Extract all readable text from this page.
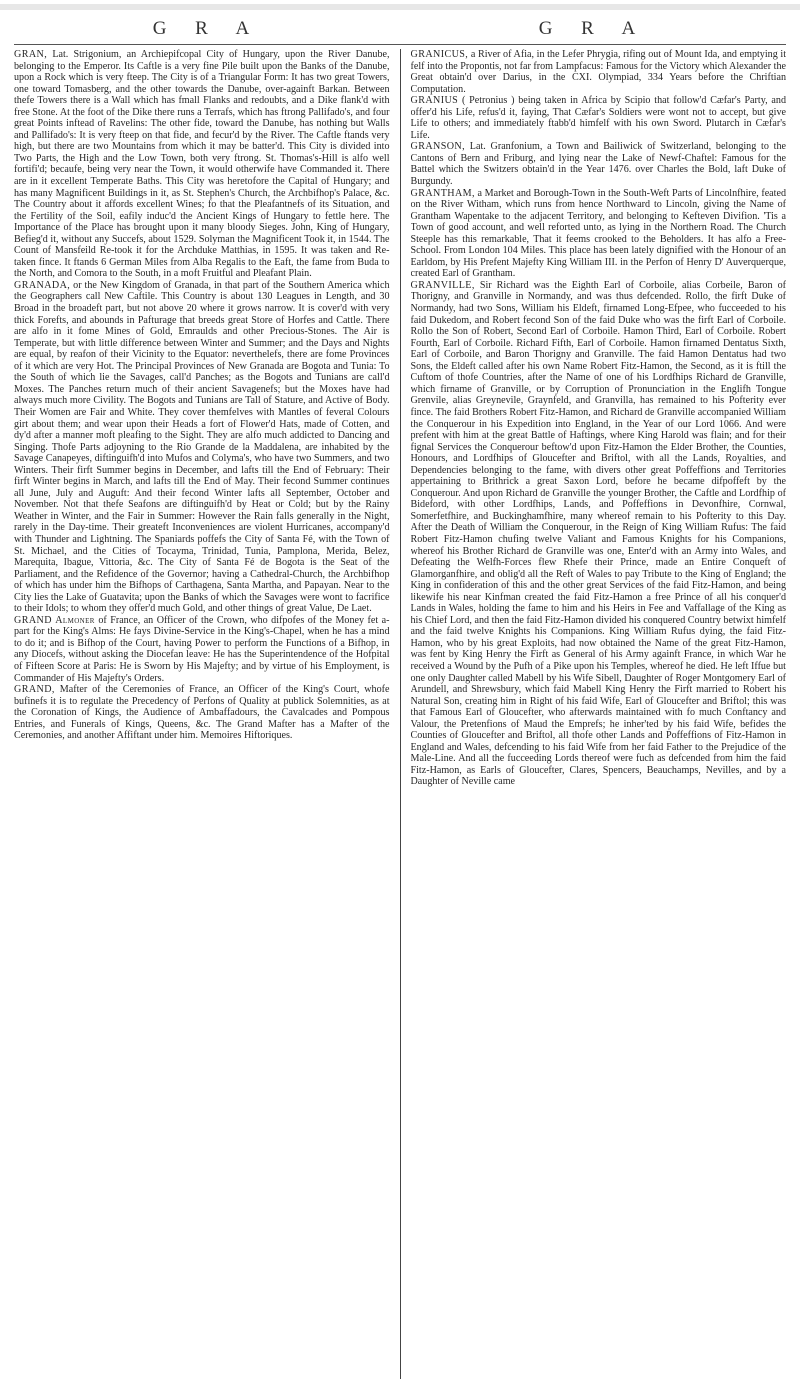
G R A	G R A

GRAN, Lat. Strigonium, an Archiepifcopal City of Hungary, upon the River Danube, belonging to the Emperor. Its Caftle is a very fine Pile built upon the Banks of the Danube, upon a Rock which is very fteep. The City is of a Triangular Form: It has two great Towers, one toward Tomasberg, and the other towards the Danube, over-againft Barkan. Between thefe Towers there is a Wall which has fmall Flanks and redoubts, and a Dike flank'd with free Stone. At the foot of the Dike there runs a Terrafs, which has ftrong Pallifado's, and four great Points inftead of Ravelins: The other fide, toward the Danube, has nothing but Walls and Pallifado's: It is very fteep on that fide, and fecur'd by the River. The Caftle ftands very high, but there are two Mountains from which it may be batter'd. This City is divided into Two Parts, the High and the Low Town, both very ftrong. St. Thomas's-Hill is alfo well fortifi'd; becaufe, being very near the Town, it would otherwife have Commanded it. There are in it excellent Temperate Baths. This City was heretofore the Capital of Hungary; and has many Magnificent Buildings in it, as St. Stephen's Church, the Archbifhop's Palace, &c. The Country about it affords excellent Wines; fo that the Pleafantnefs of its Situation, and the Fertility of the Soil, eafily induc'd the Ancient Kings of Hungary to fettle here. The Importance of the Place has brought upon it many bloody Sieges. John, King of Hungary, Befieg'd it, without any Succefs, about 1529. Solyman the Magnificent Took it, in 1544. The Count of Mansfeild Re-took it for the Archduke Matthias, in 1595. It was taken and Re-taken fince. It ftands 6 German Miles from Alba Regalis to the Eaft, the fame from Buda to the North, and Comora to the South, in a moft Fruitful and Pleafant Plain.

GRANADA, or the New Kingdom of Granada, in that part of the Southern America which the Geographers call New Caftile. This Country is about 130 Leagues in Length, and 30 Broad in the broadeft part, but not above 20 where it grows narrow. It is cover'd with very thick Forefts, and abounds in Pafturage that breeds great Store of Horfes and Cattle. There are alfo in it fome Mines of Gold, Emraulds and other Precious-Stones. The Air is Temperate, but with little difference between Winter and Summer; and the Days and Nights are equal, by reafon of their Vicinity to the Equator: neverthelefs, there are fome Provinces of it which are very Hot. The Principal Provinces of New Granada are Bogota and Tunia: To the South of which lie the Savages, call'd Panches; as the Bogots and Tunians are call'd Moxes. The Panches return much of their ancient Savagenefs; but the Moxes have had always much more Civility. The Bogots and Tunians are Tall of Stature, and Active of Body. Their Women are Fair and White. They cover themfelves with Mantles of feveral Colours girt about them; and wear upon their Heads a fort of Flower'd Hats, made of Cotten, and dy'd after a manner moft pleafing to the Sight. They are alfo much addicted to Dancing and Singing. Thofe Parts adjoyning to the Rio Grande de la Maddalena, are inhabited by the Savage Canapeyes, diftinguifh'd into Mufos and Colyma's, who have two Summers, and two Winters. Their firft Summer begins in December, and lafts till the End of February: Their firft Winter begins in March, and lafts till the End of May. Their fecond Summer continues all June, July and Auguft: And their fecond Winter lafts all September, October and November. Not that thefe Seafons are diftinguifh'd by Heat or Cold; but by the Rainy Weather in Winter, and the Fair in Summer: However the Rain falls generally in the Night, rarely in the Day-time. Their greateft Inconveniences are violent Hurricanes, accompany'd with Thunder and Lightning. The Spaniards poffefs the City of Santa Fé, with the Town of St. Michael, and the Cities of Tocayma, Trinidad, Tunia, Pamplona, Merida, Belez, Marequita, Ibague, Vittoria, &c. The City of Santa Fé de Bogota is the Seat of the Parliament, and the Refidence of the Governor; having a Cathedral-Church, the Archbifhop of which has under him the Bifhops of Carthagena, Santa Martha, and Papayan. Near to the City lies the Lake of Guatavita; upon the Banks of which the Savages were wont to facrifice to their Idols; to whom they offer'd much Gold, and other things of great Value, De Laet.

GRAND Almoner of France, an Officer of the Crown, who difpofes of the Money fet a-part for the King's Alms: He fays Divine-Service in the King's-Chapel, when he has a mind to do it; and is Bifhop of the Court, having Power to perform the Functions of a Bifhop, in any Diocefs, without asking the Diocefan leave: He has the Superintendence of the Hofpital of Fifteen Score at Paris: He is Sworn by His Majefty; and by virtue of his Employment, is Commander of His Majefty's Orders.

GRAND, Mafter of the Ceremonies of France, an Officer of the King's Court, whofe bufinefs it is to regulate the Precedency of Perfons of Quality at publick Solemnities, as at the Coronation of Kings, the Audience of Ambaffadours, the Cavalcades and Pompous Entries, and Funerals of Kings, Queens, &c. The Grand Mafter has a Mafter of the Ceremonies, and another Affiftant under him. Memoires Hiftoriques.

GRANICUS, a River of Afia, in the Lefer Phrygia, rifing out of Mount Ida, and emptying it felf into the Propontis, not far from Lampfacus: Famous for the Victory which Alexander the Great obtain'd over Darius, in the CXI. Olympiad, 334 Years before the Chriftian Computation.

GRANIUS ( Petronius ) being taken in Africa by Scipio that follow'd Cæfar's Party, and offer'd his Life, refus'd it, faying, That Cæfar's Soldiers were wont not to accept, but give Life to others; and immediately ftabb'd himfelf with his own Sword. Plutarch in Cæfar's Life.

GRANSON, Lat. Granfonium, a Town and Bailiwick of Switzerland, belonging to the Cantons of Bern and Friburg, and lying near the Lake of Newf-Chaftel: Famous for the Battel which the Switzers obtain'd in the Year 1476. over Charles the Bold, laft Duke of Burgundy.

GRANTHAM, a Market and Borough-Town in the South-Weft Parts of Lincolnfhire, feated on the River Witham, which runs from hence Northward to Lincoln, giving the Name of Grantham Wapentake to the adjacent Territory, and belonging to Kefteven Divifion. 'Tis a Town of good account, and well reforted unto, as lying in the Northern Road. The Church Steeple has this remarkable, That it feems crooked to the Beholders. It has alfo a Free-School. From London 104 Miles. This place has been lately dignified with the Honour of an Earldom, by His Prefent Majefty King William III. in the Perfon of Henry D' Auverquerque, created Earl of Grantham.

GRANVILLE, Sir Richard was the Eighth Earl of Corboile, alias Corbeile, Baron of Thorigny, and Granville in Normandy, and was thus defcended. Rollo, the firft Duke of Normandy, had two Sons, William his Eldeft, firnamed Long-Efpee, who fucceeded to his faid Dukedom, and Robert fecond Son of the faid Duke who was the firft Earl of Corboile. Rollo the Son of Robert, Second Earl of Corboile. Hamon Third, Earl of Corboile. Robert Fourth, Earl of Corboile. Richard Fifth, Earl of Corboile. Hamon firnamed Dentatus Sixth, Earl of Corboile, and Baron Thorigny and Granville. The faid Hamon Dentatus had two Sons, the Eldeft called after his own Name Robert Fitz-Hamon, the Second, as it is ftill the Cuftom of thofe Countries, after the Name of one of his Lordfhips Richard de Granville, which firname of Granville, or by Corruption of Pronunciation in the Englifh Tongue Grenvile, alias Greynevile, Graynfeld, and Granvilla, has remained to his Pofterity ever fince. The faid Brothers Robert Fitz-Hamon, and Richard de Granville accompanied William the Conquerour in his Expedition into England, in the Year of our Lord 1066. And were prefent with him at the great Battle of Haftings, where King Harold was flain; and for their fignal Services the Conquerour beftow'd upon Fitz-Hamon the Elder Brother, the Counties, Honours, and Lordfhips of Gloucefter and Briftol, with all the Lands, Royalties, and Dependencies belonging to the fame, with divers other great Poffeffions and Territories appertaining to Brithrick a great Saxon Lord, before he became difpoffeft by the Conquerour. And upon Richard de Granville the younger Brother, the Caftle and Lordfhip of Bideford, with other Lordfhips, Lands, and Poffeffions in Devonfhire, Cornwal, Somerfetfhire, and Buckinghamfhire, many whereof remain to his Pofterity to this Day. After the Death of William the Conquerour, in the Reign of King William Rufus: The faid Robert Fitz-Hamon chufing twelve Valiant and Famous Knights for his Companions, whereof his Brother Richard de Granville was one, Enter'd with an Army into Wales, and Defeating the Welfh-Forces flew Rhefe their Prince, made an Entire Conqueft of Glamorganfhire, and oblig'd all the Reft of Wales to pay Tribute to the King of England; the King in confideration of this and the other great Services of the faid Fitz-Hamon, and being likewife his near Kinfman created the faid Fitz-Hamon a free Prince of all his conquer'd Lands in Wales, holding the fame to him and his Heirs in Fee and Vaffallage of the King as his Chief Lord, and then the faid Fitz-Hamon divided his conquered Country betwixt himfelf and the faid twelve Knights his Companions. King William Rufus dying, the faid Fitz-Hamon, who by his great Exploits, had now obtained the Name of the great Fitz-Hamon, was fent by King Henry the Firft as General of his Army againft France, in which War he received a Wound by the Pufh of a Pike upon his Temples, whereof he died. He left Iffue but one only Daughter called Mabell by his Wife Sibell, Daughter of Roger Montgomery Earl of Arundell, and Shrewsbury, which faid Mabell King Henry the Firft married to Robert his Natural Son, creating him in Right of his faid Wife, Earl of Gloucefter and Briftol; this was that Famous Earl of Gloucefter, who afterwards maintained with fo much Conftancy and Valour, the Pretenfions of Maud the Emprefs; he inher'ted by his faid Wife, befides the Counties of Gloucefter and Briftol, all thofe other Lands and Poffeffions of Fitz-Hamon in England and Wales, defcending to his faid Wife from her faid Father to the Prejudice of the Male-Line. And all the fucceeding Lords thereof were fuch as defcended from him the faid Fitz-Hamon, as Earls of Gloucefter, Clares, Spencers, Beauchamps, Nevilles, and by a Daughter of Neville came
